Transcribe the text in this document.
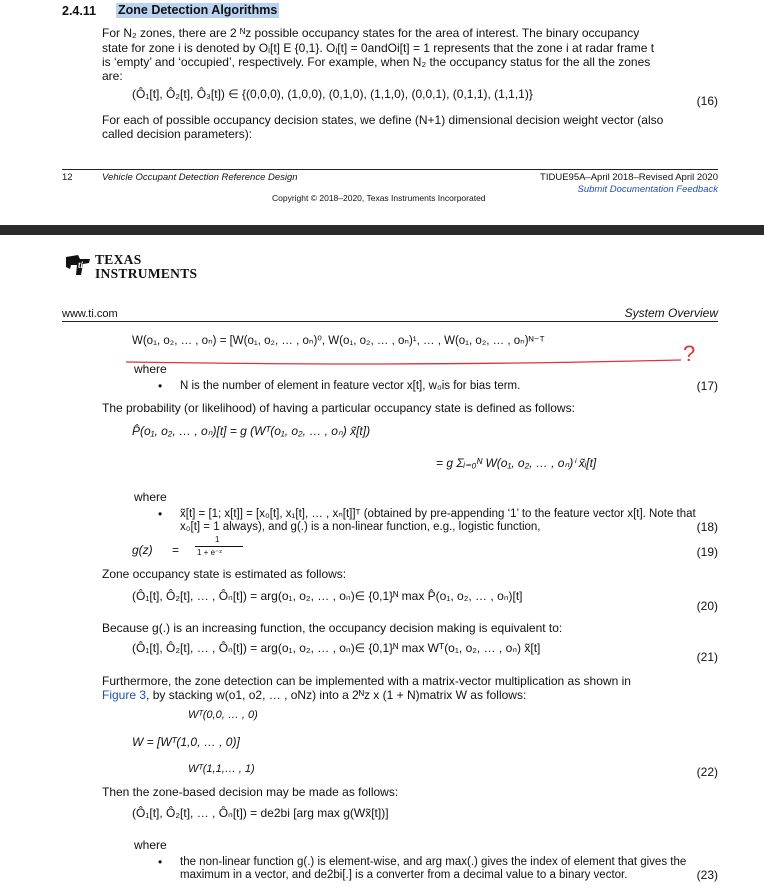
2.4.11 Zone Detection Algorithms
For N₂ zones, there are 2 ᴺz possible occupancy states for the area of interest. The binary occupancy
state for zone i is denoted by Oᵢ[t] E {0,1}. Oᵢ[t] = 0andOi[t] = 1 represents that the zone i at radar frame t
is ‘empty’ and ‘occupied’, respectively. For example, when N₂ the occupancy status for the all the zones
are:
(Ô₁[t], Ô₂[t], Ô₃[t]) ∈ {(0,0,0), (1,0,0), (0,1,0), (1,1,0), (0,0,1), (0,1,1), (1,1,1)}	(16)
For each of possible occupancy decision states, we define (N+1) dimensional decision weight vector (also
called decision parameters):
12	Vehicle Occupant Detection Reference Design	TIDUE95A–April 2018–Revised April 2020
Submit Documentation Feedback
Copyright © 2018–2020, Texas Instruments Incorporated
ti TEXAS
INSTRUMENTS
www.ti.com	System Overview
W(o₁, o₂, … , oₙ) = [W(o₁, o₂, … , oₙ)⁰, W(o₁, o₂, … , oₙ)¹, … , W(o₁, o₂, … , oₙ)ᴺ⁻ᵀ	?
where
• N is the number of element in feature vector x[t], w₀is for bias term.	(17)
The probability (or likelihood) of having a particular occupancy state is defined as follows:
P̂(o₁, o₂, … , oₙ)[t] = g (Wᵀ(o₁, o₂, … , oₙ) x̃[t])
= g Σᵢ₌₀ᴺ W(o₁, o₂, … , oₙ)ⁱ x̃ᵢ[t]
where
• x̃[t] = [1; x[t]] = [x₀[t], x₁[t], … , xₙ[t]]ᵀ (obtained by pre-appending ‘1’ to the feature vector x[t]. Note that
x₀[t] = 1 always), and g(.) is a non-linear function, e.g., logistic function,	(18)
g(z) =
1
1 + e⁻ᶻ	(19)
Zone occupancy state is estimated as follows:
(Ô₁[t], Ô₂[t], … , Ôₙ[t]) = arg(o₁, o₂, … , oₙ)∈ {0,1}ᴺ max P̂(o₁, o₂, … , oₙ)[t]
(20)
Because g(.) is an increasing function, the occupancy decision making is equivalent to:
(Ô₁[t], Ô₂[t], … , Ôₙ[t]) = arg(o₁, o₂, … , oₙ)∈ {0,1}ᴺ max Wᵀ(o₁, o₂, … , oₙ) x̃[t]
(21)
Furthermore, the zone detection can be implemented with a matrix-vector multiplication as shown in
Figure 3, by stacking w(o1, o2, … , oNz) into a 2ᴺᴢ x (1 + N)matrix W as follows:
Wᵀ(0,0, … , 0)
W = [Wᵀ(1,0, … , 0)]
Wᵀ(1,1,… , 1)	(22)
Then the zone-based decision may be made as follows:
(Ô₁[t], Ô₂[t], … , Ôₙ[t]) = de2bi [arg max g(Wx̃[t])]
where
• the non-linear function g(.) is element-wise, and arg max(.) gives the index of element that gives the
maximum in a vector, and de2bi[.] is a converter from a decimal value to a binary vector.	(23)
